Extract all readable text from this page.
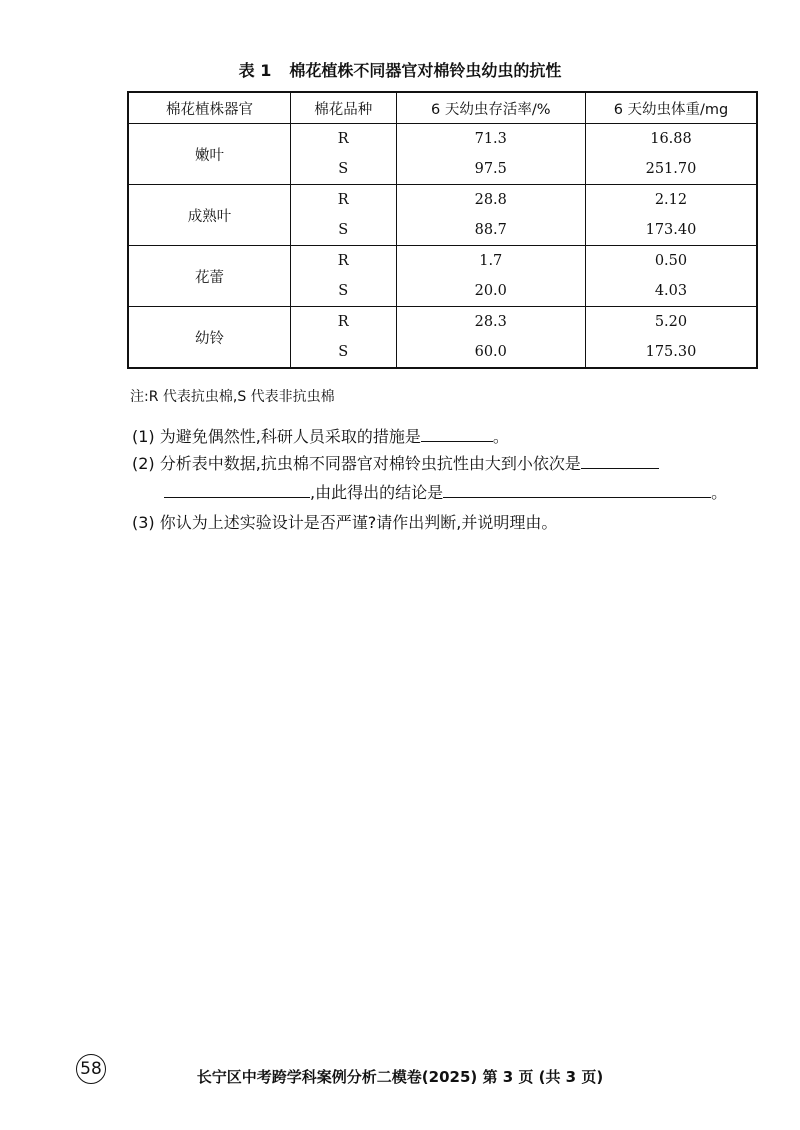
表 1 棉花植株不同器官对棉铃虫幼虫的抗性
棉花植株器官	棉花品种	6 天幼虫存活率/%	6 天幼虫体重/mg
嫩叶	R	71.3	16.88
	S	97.5	251.70
成熟叶	R	28.8	2.12
	S	88.7	173.40
花蕾	R	1.7	0.50
	S	20.0	4.03
幼铃	R	28.3	5.20
	S	60.0	175.30
注:R 代表抗虫棉,S 代表非抗虫棉
(1) 为避免偶然性,科研人员采取的措施是	。
(2) 分析表中数据,抗虫棉不同器官对棉铃虫抗性由大到小依次是
,由此得出的结论是	。
(3) 你认为上述实验设计是否严谨?请作出判断,并说明理由。
58	长宁区中考跨学科案例分析二模卷(2025) 第 3 页 (共 3 页)
